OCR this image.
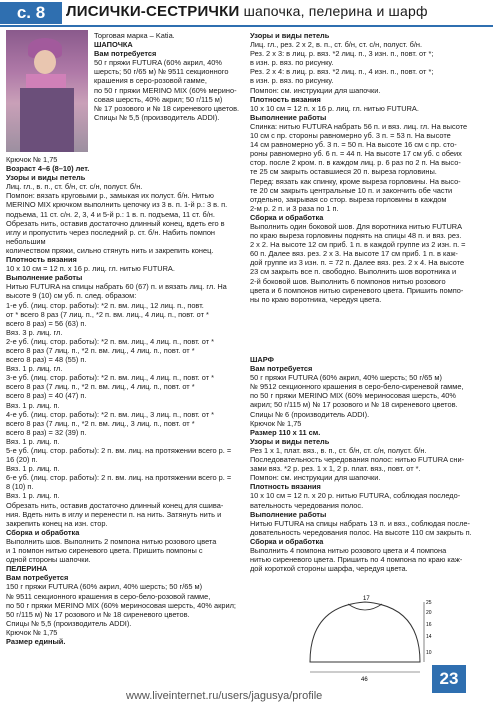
с. 8	ЛИСИЧКИ-СЕСТРИЧКИ шапочка, пелерина и шарф

Торговая марка – Katia.

ШАПОЧКА

Вам потребуется

50 г пряжи FUTURA (60% акрил, 40%

шерсть; 50 г/65 м) № 9511 секционного

крашения в серо-розовой гамме,

по 50 г пряжи MERINO MIX (60% мерино-

совая шерсть, 40% акрил; 50 г/115 м)

№ 17 розового и № 18 сиреневого цветов.

Спицы № 5,5 (производитель ADDI).

Крючок № 1,75

Возраст 4–6 (8–10) лет.

Узоры и виды петель

Лиц. гл., в. п., ст. б/н, ст. с/н, полуст. б/н.

Помпон: вязать круговыми р., замыкая их полуст. б/н. Нитью

MERINO MIX крючком выполнить цепочку из 3 в. п. 1-й р.: 3 в. п.

подъема, 11 ст. с/н. 2, 3, 4 и 5-й р.: 1 в. п. подъема, 11 ст. б/н.

Обрезать нить, оставив достаточно длинный конец, вдеть его в

иглу и пропустить через последний р. ст. б/н. Набить помпон небольшим

количеством пряжи, сильно стянуть нить и закрепить конец.

Плотность вязания

10 x 10 см = 12 п. x 16 р. лиц. гл. нитью FUTURA.

Выполнение работы

Нитью FUTURA на спицы набрать 60 (67) п. и вязать лиц. гл. На

высоте 9 (10) см уб. п. след. образом:

1-е уб. (лиц. стор. работы): *2 п. вм. лиц., 12 лиц. п., повт.

от * всего 8 раз (7 лиц. п., *2 п. вм. лиц., 4 лиц. п., повт. от *

всего 8 раз) = 56 (63) п.

Вяз. 3 р. лиц. гл.

2-е уб. (лиц. стор. работы): *2 п. вм. лиц., 4 лиц. п., повт. от *

всего 8 раз (7 лиц. п., *2 п. вм. лиц., 4 лиц. п., повт. от *

всего 8 раз) = 48 (55) п.

Вяз. 1 р. лиц. гл.

3-е уб. (лиц. стор. работы): *2 п. вм. лиц., 4 лиц. п., повт. от *

всего 8 раз (7 лиц. п., *2 п. вм. лиц., 4 лиц. п., повт. от *

всего 8 раз) = 40 (47) п.

Вяз. 1 р. лиц. п.

4-е уб. (лиц. стор. работы): *2 п. вм. лиц., 3 лиц. п., повт. от *

всего 8 раз (7 лиц. п., *2 п. вм. лиц., 3 лиц. п., повт. от *

всего 8 раз) = 32 (39) п.

Вяз. 1 р. лиц. п.

5-е уб. (лиц. стор. работы): 2 п. вм. лиц. на протяжении всего р. =

16 (20) п.

Вяз. 1 р. лиц. п.

6-е уб. (лиц. стор. работы): 2 п. вм. лиц. на протяжении всего р. =

8 (10) п.

Вяз. 1 р. лиц. п.

Обрезать нить, оставив достаточно длинный конец для сшива-

ния. Вдеть нить в иглу и перенести п. на нить. Затянуть нить и

закрепить конец на изн. стор.

Сборка и обработка

Выполнить шов. Выполнить 2 помпона нитью розового цвета

и 1 помпон нитью сиреневого цвета. Пришить помпоны с

одной стороны шапочки.

ПЕЛЕРИНА

Вам потребуется

150 г пряжи FUTURA (60% акрил, 40% шерсть; 50 г/65 м)

№ 9511 секционного крашения в серо-бело-розовой гамме,

по 50 г пряжи MERINO MIX (60% мериносовая шерсть, 40% акрил;

50 г/115 м) № 17 розового и № 18 сиреневого цветов.

Спицы № 5,5 (производитель ADDI).

Крючок № 1,75

Размер единый.

Узоры и виды петель

Лиц. гл., рез. 2 x 2, в. п., ст. б/н, ст. с/н, полуст. б/н.

Рез. 2 x 3: в лиц. р. вяз. *2 лиц. п., 3 изн. п., повт. от *;

в изн. р. вяз. по рисунку.

Рез. 2 x 4: в лиц. р. вяз. *2 лиц. п., 4 изн. п., повт. от *;

в изн. р. вяз. по рисунку.

Помпон: см. инструкции для шапочки.

Плотность вязания

10 x 10 см = 12 п. x 16 р. лиц. гл. нитью FUTURA.

Выполнение работы

Спинка: нитью FUTURA набрать 56 п. и вяз. лиц. гл. На высоте

10 см с пр. стороны равномерно уб. 3 п. = 53 п. На высоте

14 см равномерно уб. 3 п. = 50 п. На высоте 16 см с пр. сто-

роны равномерно уб. 6 п. = 44 п. На высоте 17 см уб. с обеих

стор. после 2 кром. п. в каждом лиц. р. 6 раз по 2 п. На высо-

те 25 см закрыть оставшиеся 20 п. выреза горловины.

Перед: вязать как спинку, кроме выреза горловины. На высо-

те 20 см закрыть центральные 10 п. и закончить обе части

отдельно, закрывая со стор. выреза горловины в каждом

2-м р. 2 п. и 3 раза по 1 п.

Сборка и обработка

Выполнить один боковой шов. Для воротника нитью FUTURA

по краю выреза горловины поднять на спицы 48 п. и вяз. рез.

2 x 2. На высоте 12 см приб. 1 п. в каждой группе из 2 изн. п. =

60 п. Далее вяз. рез. 2 x 3. На высоте 17 см приб. 1 п. в каж-

дой группе из 3 изн. п. = 72 п. Далее вяз. рез. 2 x 4. На высоте

23 см закрыть все п. свободно. Выполнить шов воротника и

2-й боковой шов. Выполнить 6 помпонов нитью розового

цвета и 6 помпонов нитью сиреневого цвета. Пришить помпо-

ны по краю воротника, чередуя цвета.

ШАРФ

Вам потребуется

50 г пряжи FUTURA (60% акрил, 40% шерсть; 50 г/65 м)

№ 9512 секционного крашения в серо-бело-сиреневой гамме,

по 50 г пряжи MERINO MIX (60% мериносовая шерсть, 40%

акрил; 50 г/115 м) № 17 розового и № 18 сиреневого цветов.

Спицы № 6 (производитель ADDI).

Крючок № 1,75

Размер 110 x 11 см.

Узоры и виды петель

Рез 1 x 1, плат. вяз., в. п., ст. б/н, ст. с/н, полуст. б/н.

Последовательность чередования полос: нитью FUTURA сни-

зами вяз. *2 р. рез. 1 x 1, 2 р. плат. вяз., повт. от *.

Помпон: см. инструкции для шапочки.

Плотность вязания

10 x 10 см = 12 п. x 20 р. нитью FUTURA, соблюдая последо-

вательность чередования полос.

Выполнение работы

Нитью FUTURA на спицы набрать 13 п. и вяз., соблюдая после-

довательность чередования полос. На высоте 110 см закрыть п.

Сборка и обработка

Выполнить 4 помпона нитью розового цвета и 4 помпона

нитью сиреневого цвета. Пришить по 4 помпона по краю каж-

дой короткой стороны шарфа, чередуя цвета.

17
46
25
20
16
14
10
23
www.liveinternet.ru/users/jagusya/profile
